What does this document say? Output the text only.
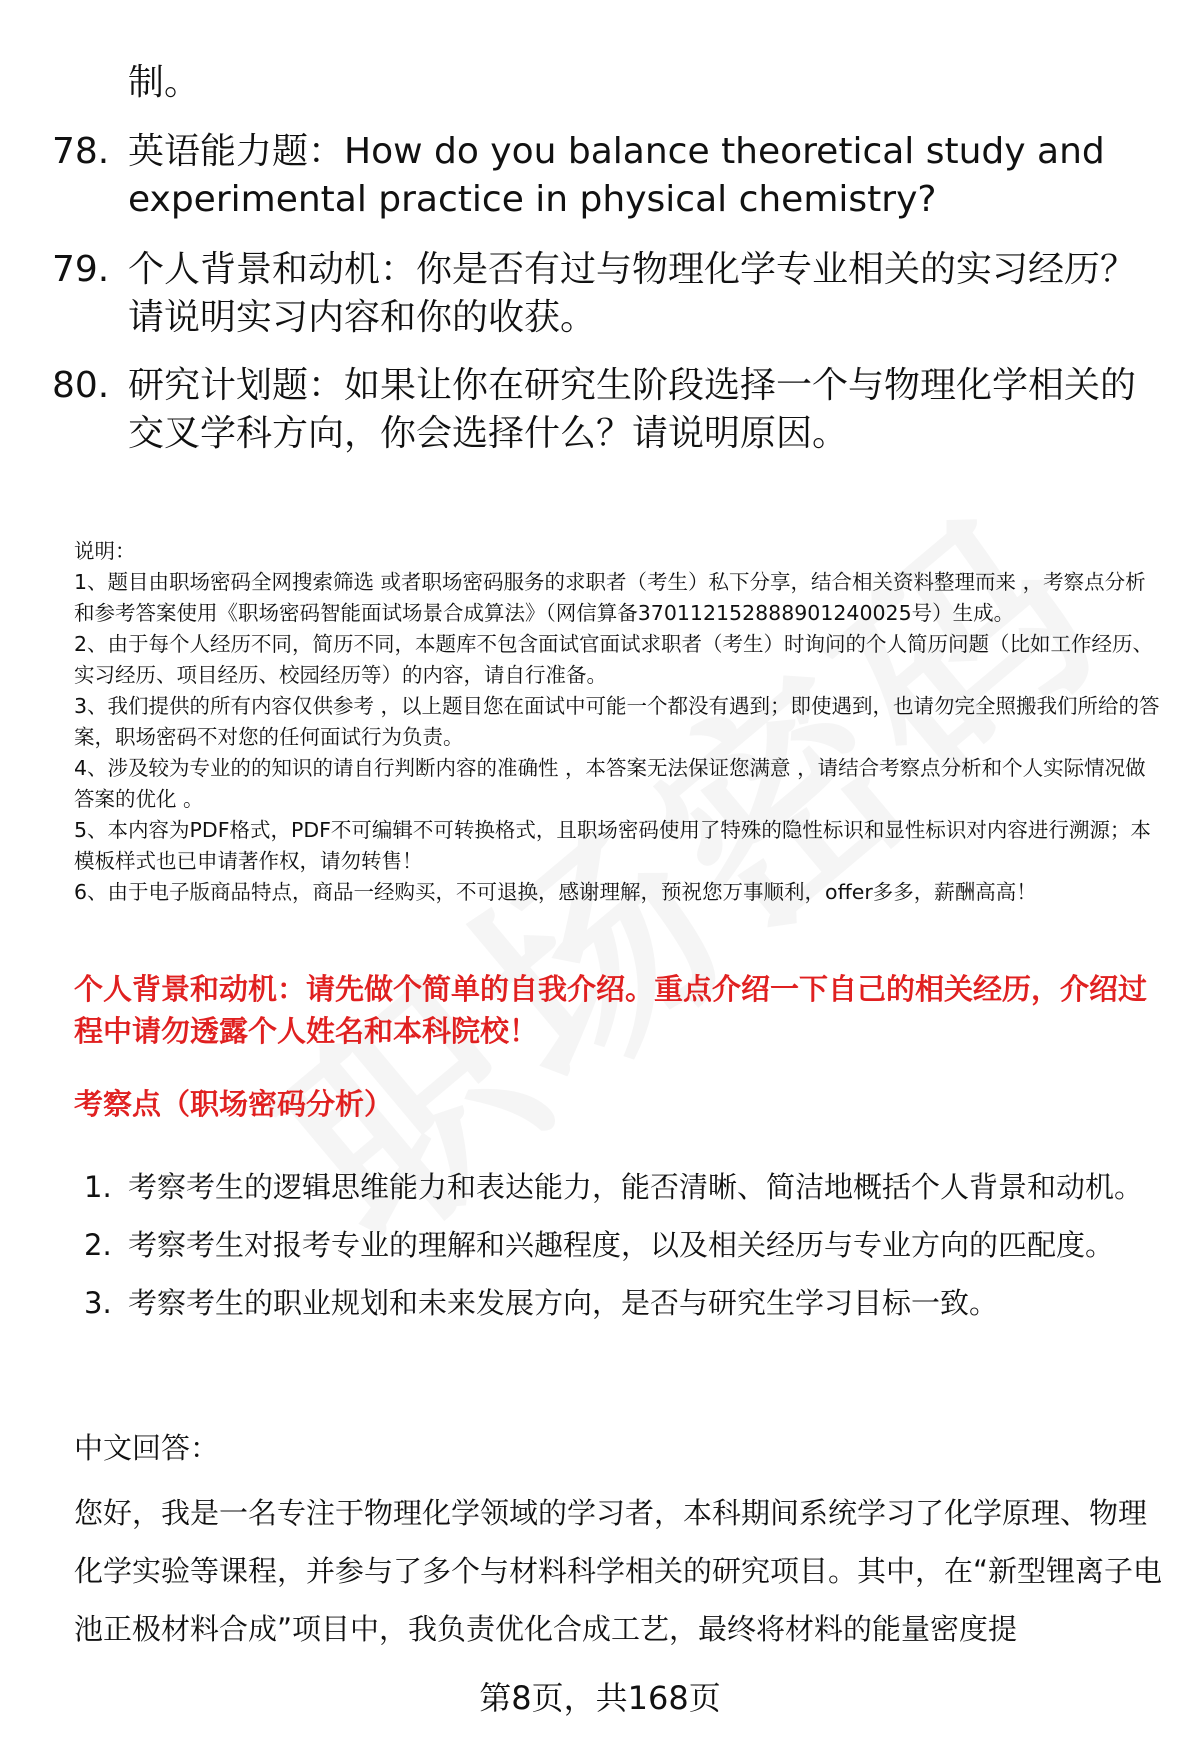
制。
78. 英语能力题：How do you balance theoretical study and experimental practice in physical chemistry?
79. 个人背景和动机：你是否有过与物理化学专业相关的实习经历？请说明实习内容和你的收获。
80. 研究计划题：如果让你在研究生阶段选择一个与物理化学相关的交叉学科方向，你会选择什么？请说明原因。

说明：

1、题目由职场密码全网搜索筛选 或者职场密码服务的求职者（考生）私下分享，结合相关资料整理而来 ，考察点分析和参考答案使用《职场密码智能面试场景合成算法》（网信算备370112152888901240025号）生成。

2、由于每个人经历不同，简历不同，本题库不包含面试官面试求职者（考生）时询问的个人简历问题（比如工作经历、实习经历、项目经历、校园经历等）的内容，请自行准备。

3、我们提供的所有内容仅供参考 ，以上题目您在面试中可能一个都没有遇到；即使遇到，也请勿完全照搬我们所给的答案，职场密码不对您的任何面试行为负责。

4、涉及较为专业的的知识的请自行判断内容的准确性 ，本答案无法保证您满意 ，请结合考察点分析和个人实际情况做答案的优化 。

5、本内容为PDF格式，PDF不可编辑不可转换格式，且职场密码使用了特殊的隐性标识和显性标识对内容进行溯源；本模板样式也已申请著作权，请勿转售！

6、由于电子版商品特点，商品一经购买，不可退换，感谢理解，预祝您万事顺利，offer多多，薪酬高高！

个人背景和动机：请先做个简单的自我介绍。重点介绍一下自己的相关经历，介绍过程中请勿透露个人姓名和本科院校！
考察点（职场密码分析）
1. 考察考生的逻辑思维能力和表达能力，能否清晰、简洁地概括个人背景和动机。
2. 考察考生对报考专业的理解和兴趣程度，以及相关经历与专业方向的匹配度。
3. 考察考生的职业规划和未来发展方向，是否与研究生学习目标一致。
中文回答：
您好，我是一名专注于物理化学领域的学习者，本科期间系统学习了化学原理、物理化学实验等课程，并参与了多个与材料科学相关的研究项目。其中，在“新型锂离子电池正极材料合成”项目中，我负责优化合成工艺，最终将材料的能量密度提
第8页，共168页
